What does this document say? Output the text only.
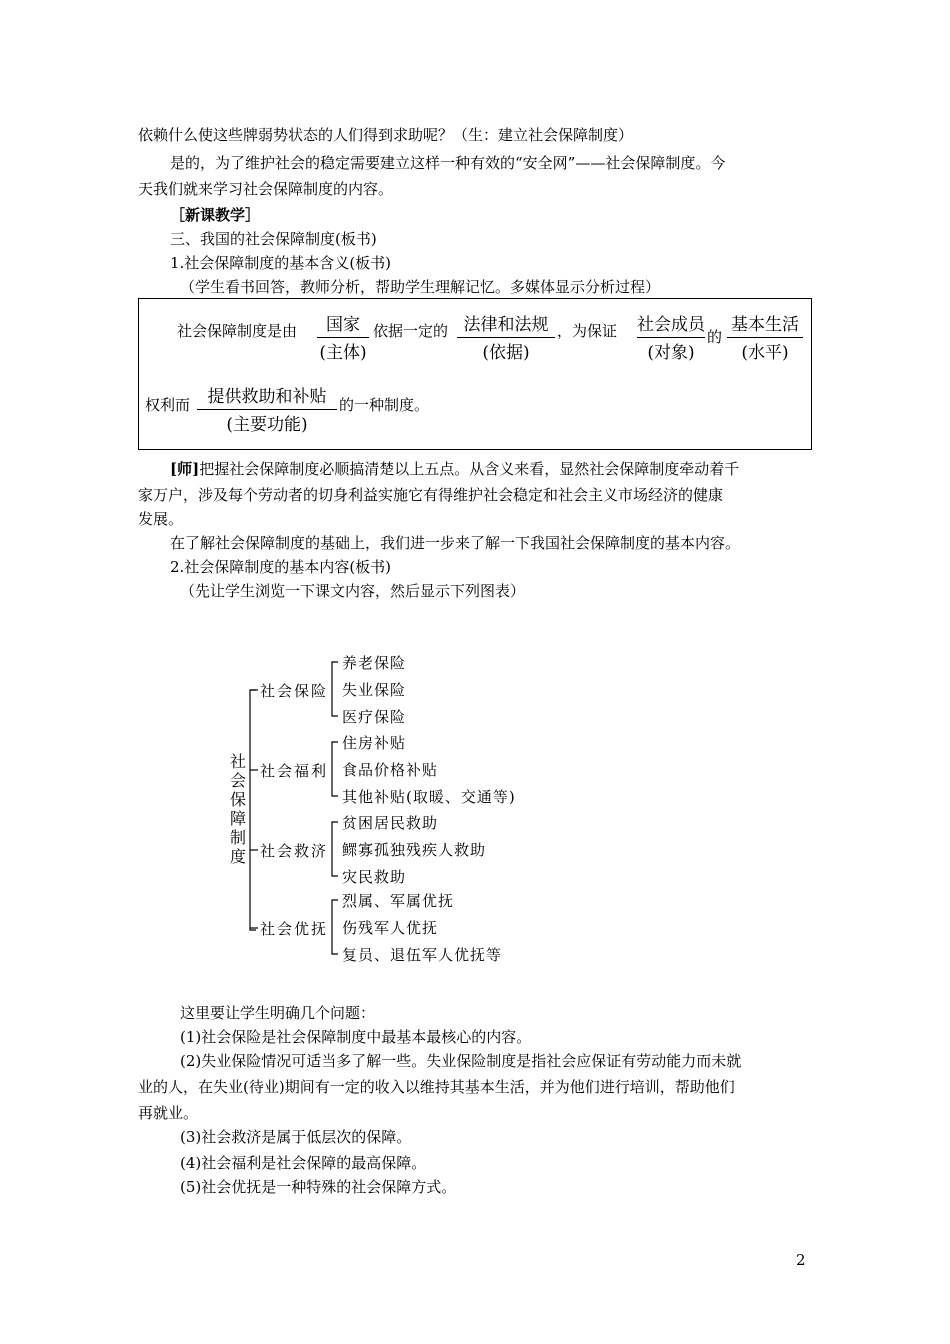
依赖什么使这些牌弱势状态的人们得到求助呢？（生：建立社会保障制度）
是的，为了维护社会的稳定需要建立这样一种有效的“安全网”——社会保障制度。今
天我们就来学习社会保障制度的内容。
［新课教学］
三、我国的社会保障制度(板书)
1.社会保障制度的基本含义(板书)
（学生看书回答，教师分析，帮助学生理解记忆。多媒体显示分析过程）
社会保障制度是由	国家
(主体)
依据一定的 法律和法规
(依据)
，为保证 社会成员
(对象)
的
基本生活
(水平)
权利而	提供救助和补贴
(主要功能)
的一种制度。
[师]把握社会保障制度必顺搞清楚以上五点。从含义来看，显然社会保障制度牵动着千
家万户，涉及每个劳动者的切身利益实施它有得维护社会稳定和社会主义市场经济的健康
发展。
在了解社会保障制度的基础上，我们进一步来了解一下我国社会保障制度的基本内容。
2.社会保障制度的基本内容(板书)
（先让学生浏览一下课文内容，然后显示下列图表）
社
会
保
障
制
度
社会保险
社会福利
社会救济
社会优抚
养老保险
失业保险
医疗保险
住房补贴
食品价格补贴
其他补贴(取暖、交通等)
贫困居民救助
鳏寡孤独残疾人救助
灾民救助
烈属、军属优抚
伤残军人优抚
复员、退伍军人优抚等
这里要让学生明确几个问题：
(1)社会保险是社会保障制度中最基本最核心的内容。
(2)失业保险情况可适当多了解一些。失业保险制度是指社会应保证有劳动能力而未就
业的人，在失业(待业)期间有一定的收入以维持其基本生活，并为他们进行培训，帮助他们
再就业。
(3)社会救济是属于低层次的保障。
(4)社会福利是社会保障的最高保障。
(5)社会优抚是一种特殊的社会保障方式。
2
